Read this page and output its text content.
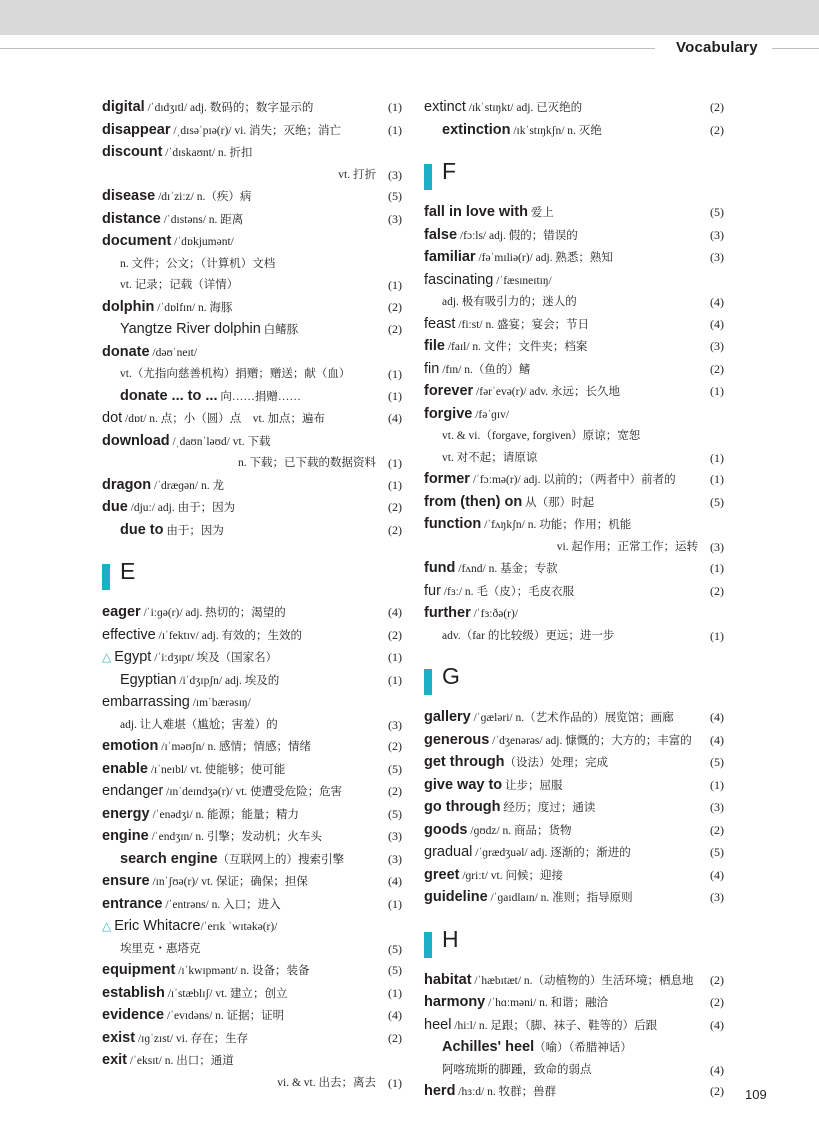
Vocabulary
digital /ˈdɪdʒɪtl/ adj. 数码的；数字显示的	(1)
disappear /ˌdɪsəˈpɪə(r)/ vi. 消失；灭绝；消亡	(1)
discount /ˈdɪskaʊnt/ n. 折扣
vt. 打折 (3)
disease /dɪˈziːz/ n.（疾）病	(5)
distance /ˈdɪstəns/ n. 距离	(3)
document /ˈdɒkjumənt/
n. 文件；公文；（计算机）文档
vt. 记录；记载（详情）	(1)
dolphin /ˈdɒlfɪn/ n. 海豚	(2)
Yangtze River dolphin 白鳍豚	(2)
donate /dəʊˈneɪt/
vt.（尤指向慈善机构）捐赠；赠送；献（血）	(1)
donate ... to ... 向……捐赠……	(1)
dot /dɒt/ n. 点；小（圆）点　vt. 加点；遍布	(4)
download /ˌdaʊnˈləʊd/ vt. 下载
n. 下载；已下载的数据资料 (1)
dragon /ˈdræɡən/ n. 龙	(1)
due /djuː/ adj. 由于；因为	(2)
due to 由于；因为	(2)
E
eager /ˈiːɡə(r)/ adj. 热切的；渴望的	(4)
effective /ɪˈfektɪv/ adj. 有效的；生效的	(2)
△ Egypt /ˈiːdʒɪpt/ 埃及（国家名）	(1)
Egyptian /iˈdʒɪpʃn/ adj. 埃及的	(1)
embarrassing /ɪmˈbærəsɪŋ/
adj. 让人难堪（尴尬；害羞）的	(3)
emotion /ɪˈməʊʃn/ n. 感情；情感；情绪	(2)
enable /ɪˈneɪbl/ vt. 使能够；使可能	(5)
endanger /ɪnˈdeɪndʒə(r)/ vt. 使遭受危险；危害	(2)
energy /ˈenədʒi/ n. 能源；能量；精力	(5)
engine /ˈendʒɪn/ n. 引擎；发动机；火车头	(3)
search engine（互联网上的）搜索引擎	(3)
ensure /ɪnˈʃʊə(r)/ vt. 保证；确保；担保	(4)
entrance /ˈentrəns/ n. 入口；进入	(1)
△ Eric Whitacre/ˈerɪk ˈwɪtəkə(r)/
埃里克・惠塔克	(5)
equipment /ɪˈkwɪpmənt/ n. 设备；装备	(5)
establish /ɪˈstæblɪʃ/ vt. 建立；创立	(1)
evidence /ˈevɪdəns/ n. 证据；证明	(4)
exist /ɪɡˈzɪst/ vi. 存在；生存	(2)
exit /ˈeksɪt/ n. 出口；通道
vi. & vt. 出去；离去 (1)
extinct /ɪkˈstɪŋkt/ adj. 已灭绝的	(2)
extinction /ɪkˈstɪŋkʃn/ n. 灭绝	(2)
F
fall in love with 爱上	(5)
false /fɔːls/ adj. 假的；错误的	(3)
familiar /fəˈmɪliə(r)/ adj. 熟悉；熟知	(3)
fascinating /ˈfæsɪneɪtɪŋ/
adj. 极有吸引力的；迷人的	(4)
feast /fiːst/ n. 盛宴；宴会；节日	(4)
file /faɪl/ n. 文件；文件夹；档案	(3)
fin /fɪn/ n.（鱼的）鳍	(2)
forever /fərˈevə(r)/ adv. 永远；长久地	(1)
forgive /fəˈɡɪv/
vt. & vi.（forgave, forgiven）原谅；宽恕
vt. 对不起；请原谅	(1)
former /ˈfɔːmə(r)/ adj. 以前的；（两者中）前者的	(1)
from (then) on 从（那）时起	(5)
function /ˈfʌŋkʃn/ n. 功能；作用；机能
vi. 起作用；正常工作；运转 (3)
fund /fʌnd/ n. 基金；专款	(1)
fur /fɜː/ n. 毛（皮）；毛皮衣服	(2)
further /ˈfɜːðə(r)/
adv.（far 的比较级）更远；进一步	(1)
G
gallery /ˈɡæləri/ n.（艺术作品的）展览馆；画廊	(4)
generous /ˈdʒenərəs/ adj. 慷慨的；大方的；丰富的 (4)
get through（设法）处理；完成	(5)
give way to 让步；屈服	(1)
go through 经历；度过；通读	(3)
goods /ɡʊdz/ n. 商品；货物	(2)
gradual /ˈɡrædʒuəl/ adj. 逐渐的；渐进的	(5)
greet /ɡriːt/ vt. 问候；迎接	(4)
guideline /ˈɡaɪdlaɪn/ n. 准则；指导原则	(3)
H
habitat /ˈhæbɪtæt/ n.（动植物的）生活环境；栖息地 (2)
harmony /ˈhɑːməni/ n. 和谐；融洽	(2)
heel /hiːl/ n. 足跟；（脚、袜子、鞋等的）后跟	(4)
Achilles' heel（喻）（希腊神话）
阿喀琉斯的脚踵，致命的弱点	(4)
herd /hɜːd/ n. 牧群；兽群	(2) 109
